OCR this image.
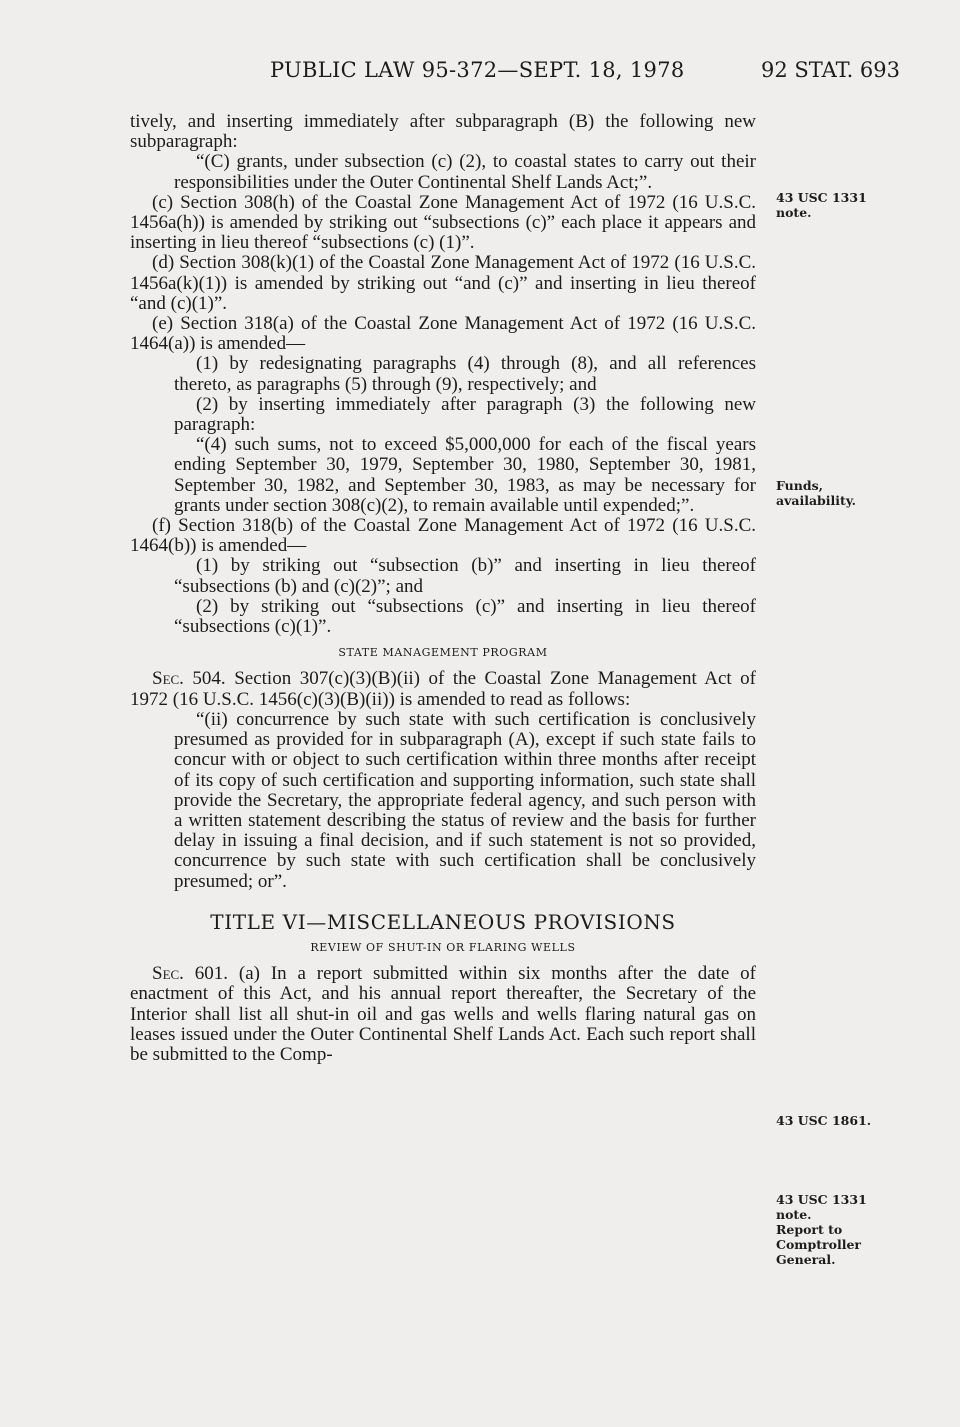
PUBLIC LAW 95-372—SEPT. 18, 1978	92 STAT. 693

tively, and inserting immediately after subparagraph (B) the following new subparagraph:

“(C) grants, under subsection (c) (2), to coastal states to carry out their responsibilities under the Outer Continental Shelf Lands Act;”.

(c) Section 308(h) of the Coastal Zone Management Act of 1972 (16 U.S.C. 1456a(h)) is amended by striking out “subsections (c)” each place it appears and inserting in lieu thereof “subsections (c) (1)”.

(d) Section 308(k)(1) of the Coastal Zone Management Act of 1972 (16 U.S.C. 1456a(k)(1)) is amended by striking out “and (c)” and inserting in lieu thereof “and (c)(1)”.

(e) Section 318(a) of the Coastal Zone Management Act of 1972 (16 U.S.C. 1464(a)) is amended—

(1) by redesignating paragraphs (4) through (8), and all references thereto, as paragraphs (5) through (9), respectively; and

(2) by inserting immediately after paragraph (3) the following new paragraph:

“(4) such sums, not to exceed $5,000,000 for each of the fiscal years ending September 30, 1979, September 30, 1980, September 30, 1981, September 30, 1982, and September 30, 1983, as may be necessary for grants under section 308(c)(2), to remain available until expended;”.

(f) Section 318(b) of the Coastal Zone Management Act of 1972 (16 U.S.C. 1464(b)) is amended—

(1) by striking out “subsection (b)” and inserting in lieu thereof “subsections (b) and (c)(2)”; and

(2) by striking out “subsections (c)” and inserting in lieu thereof “subsections (c)(1)”.

STATE MANAGEMENT PROGRAM

Sec. 504. Section 307(c)(3)(B)(ii) of the Coastal Zone Management Act of 1972 (16 U.S.C. 1456(c)(3)(B)(ii)) is amended to read as follows:

“(ii) concurrence by such state with such certification is conclusively presumed as provided for in subparagraph (A), except if such state fails to concur with or object to such certification within three months after receipt of its copy of such certification and supporting information, such state shall provide the Secretary, the appropriate federal agency, and such person with a written statement describing the status of review and the basis for further delay in issuing a final decision, and if such statement is not so provided, concurrence by such state with such certification shall be conclusively presumed; or”.

TITLE VI—MISCELLANEOUS PROVISIONS

REVIEW OF SHUT-IN OR FLARING WELLS

Sec. 601. (a) In a report submitted within six months after the date of enactment of this Act, and his annual report thereafter, the Secretary of the Interior shall list all shut-in oil and gas wells and wells flaring natural gas on leases issued under the Outer Continental Shelf Lands Act. Each such report shall be submitted to the Comp-

43 USC 1331
note.
Funds,
availability.
43 USC 1861.
43 USC 1331
note.
Report to
Comptroller
General.
